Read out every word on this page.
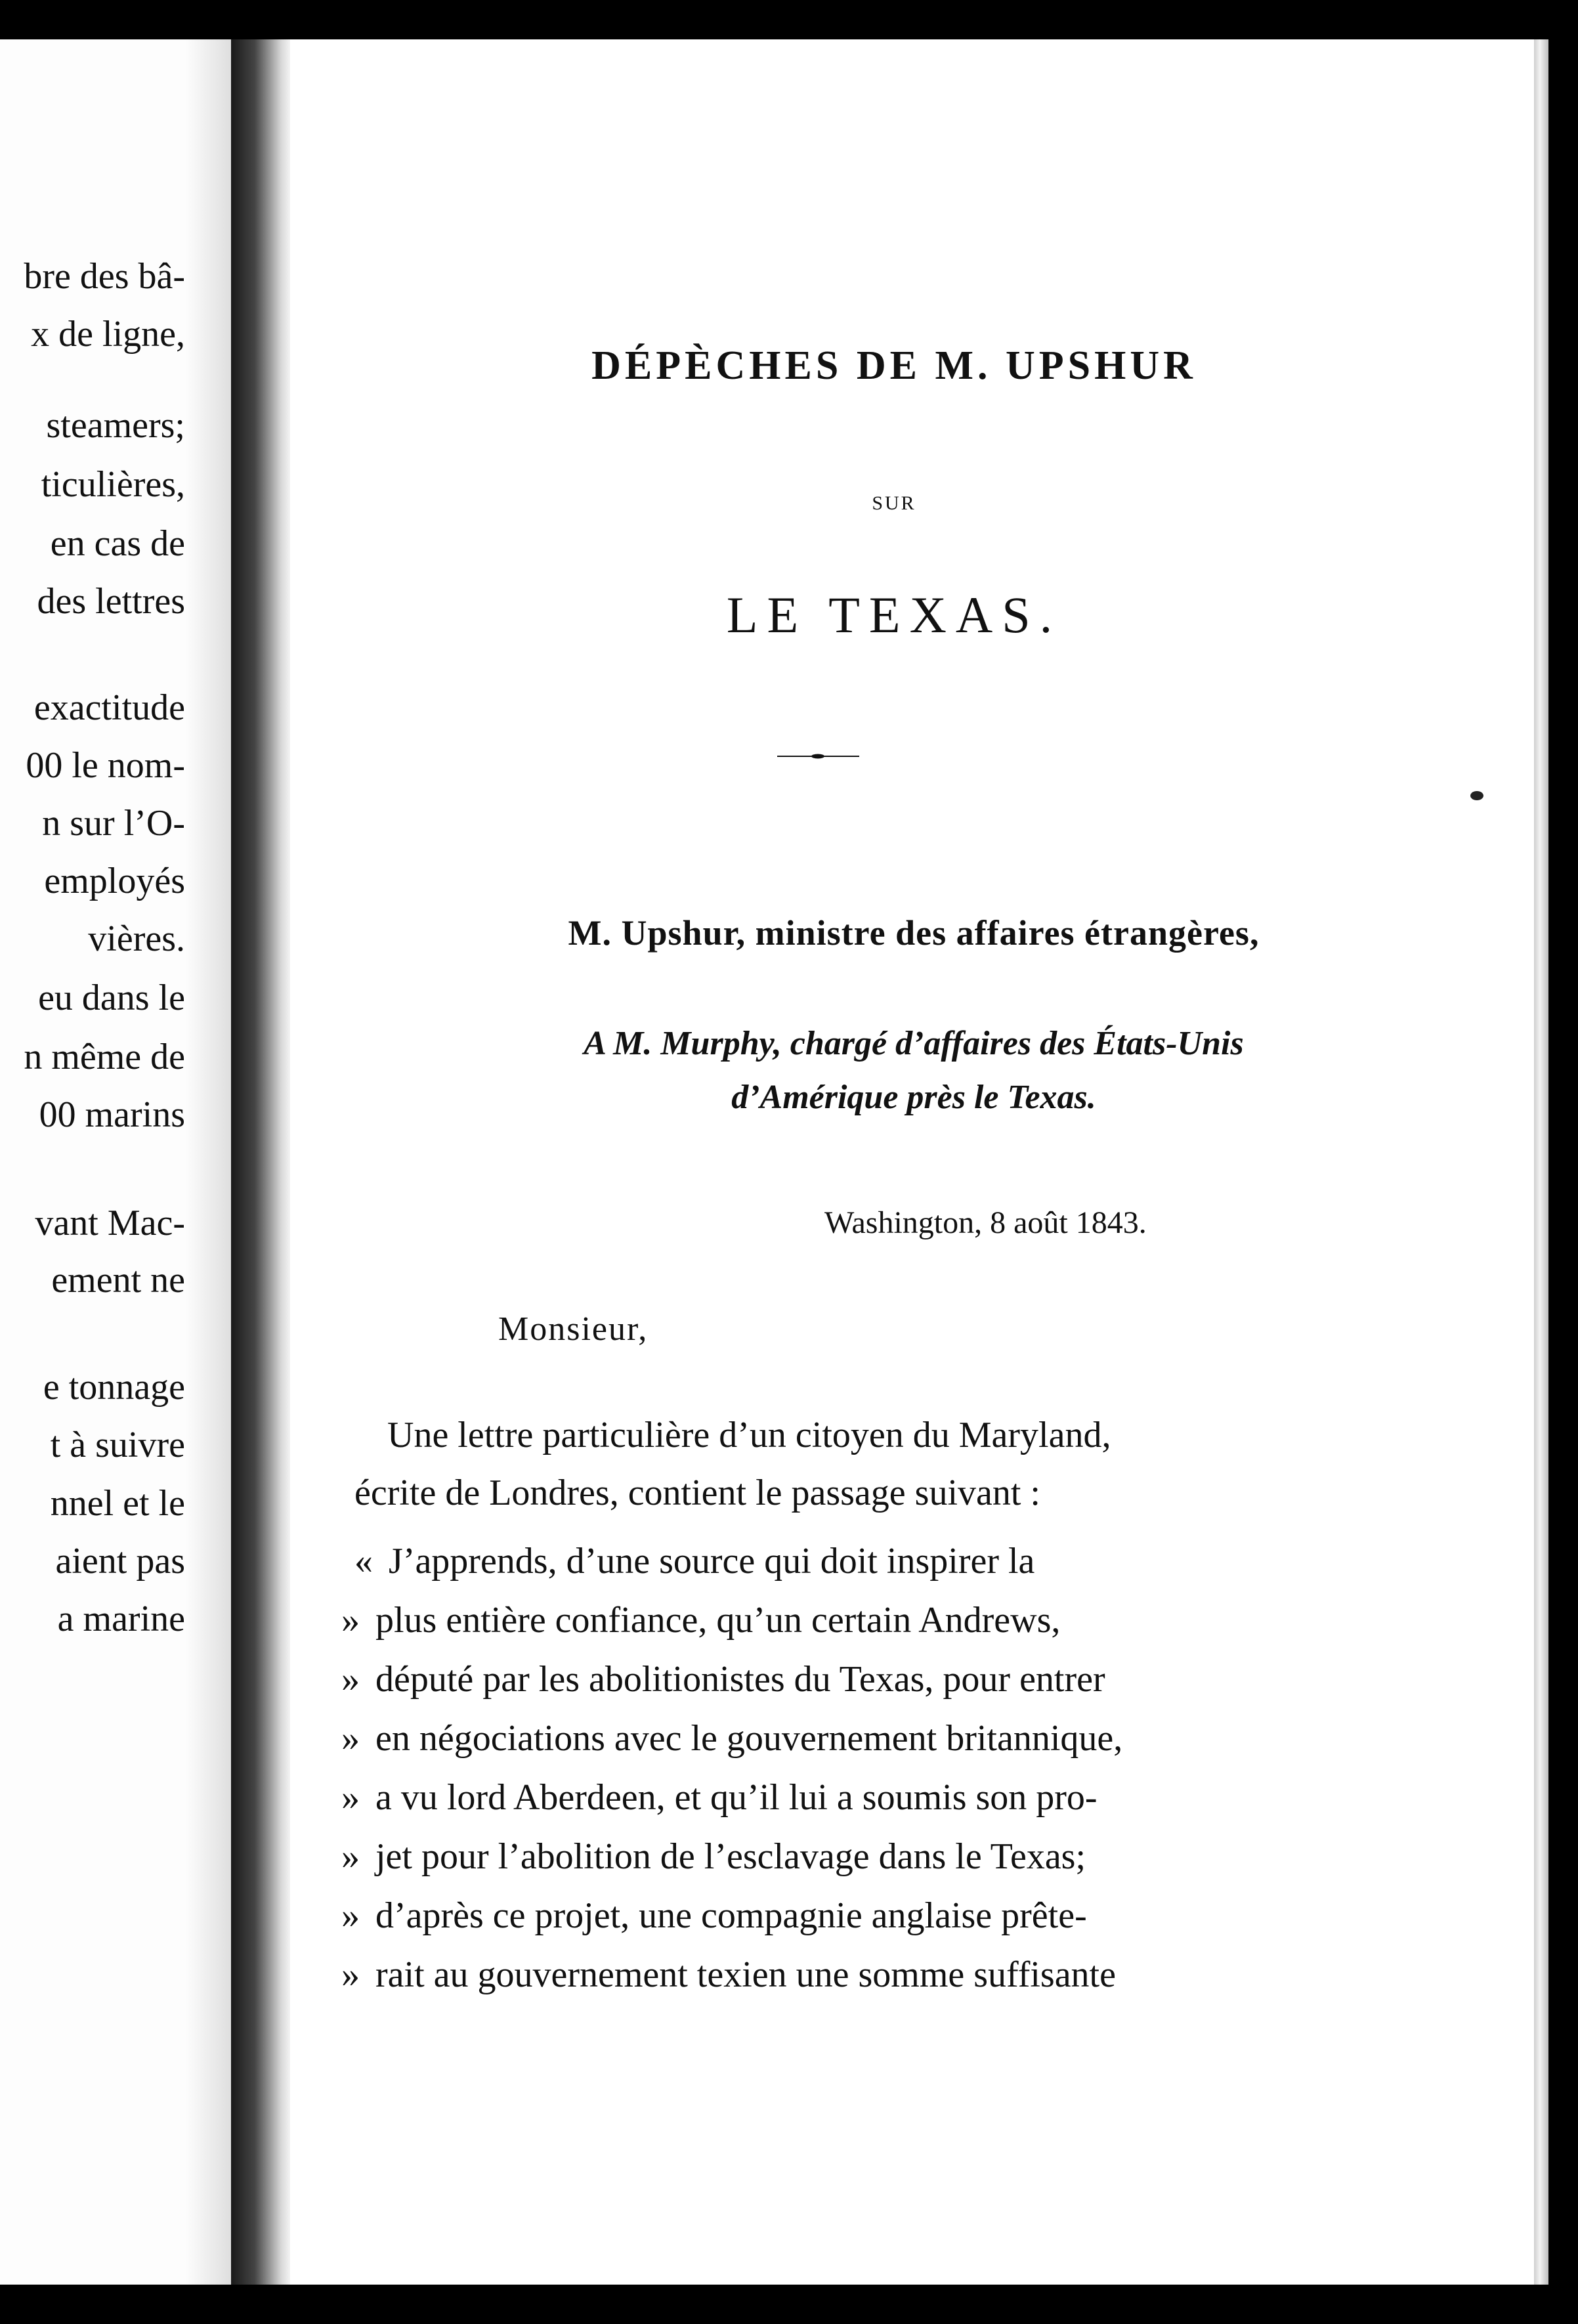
bre des bâ-
x de ligne,
steamers;
ticulières,
en cas de
des lettres
exactitude
00 le nom-
n sur l’O-
employés
vières.
eu dans le
n même de
00 marins
vant Mac-
ement ne
e tonnage
t à suivre
nnel et le
aient pas
a marine
DÉPÈCHES DE M. UPSHUR
SUR
LE TEXAS.
M. Upshur, ministre des affaires étrangères,
A M. Murphy, chargé d’affaires des États-Unis
d’Amérique près le Texas.
Washington, 8 août 1843.
Monsieur,
Une lettre particulière d’un citoyen du Maryland,
écrite de Londres, contient le passage suivant :
« J’apprends, d’une source qui doit inspirer la
» plus entière confiance, qu’un certain Andrews,
» député par les abolitionistes du Texas, pour entrer
» en négociations avec le gouvernement britannique,
» a vu lord Aberdeen, et qu’il lui a soumis son pro-
» jet pour l’abolition de l’esclavage dans le Texas;
» d’après ce projet, une compagnie anglaise prête-
» rait au gouvernement texien une somme suffisante
